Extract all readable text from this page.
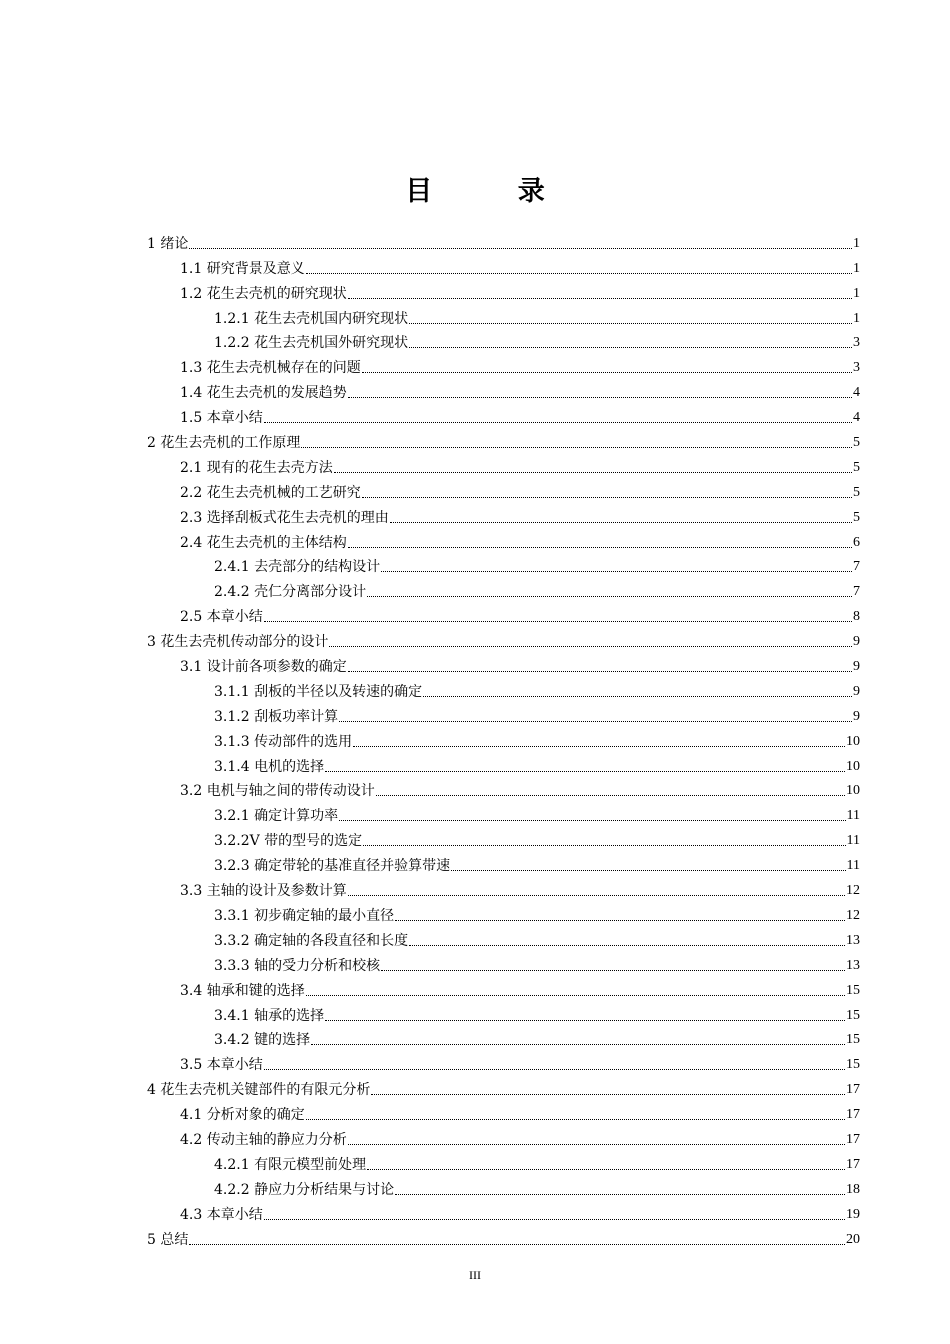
目 录
1 绪论	1
1.1 研究背景及意义	1
1.2 花生去壳机的研究现状	1
1.2.1 花生去壳机国内研究现状	1
1.2.2 花生去壳机国外研究现状	3
1.3 花生去壳机械存在的问题	3
1.4 花生去壳机的发展趋势	4
1.5 本章小结	4
2 花生去壳机的工作原理	5
2.1 现有的花生去壳方法	5
2.2 花生去壳机械的工艺研究	5
2.3 选择刮板式花生去壳机的理由	5
2.4 花生去壳机的主体结构	6
2.4.1 去壳部分的结构设计	7
2.4.2 壳仁分离部分设计	7
2.5 本章小结	8
3 花生去壳机传动部分的设计	9
3.1 设计前各项参数的确定	9
3.1.1 刮板的半径以及转速的确定	9
3.1.2 刮板功率计算	9
3.1.3 传动部件的选用	10
3.1.4 电机的选择	10
3.2 电机与轴之间的带传动设计	10
3.2.1 确定计算功率	11
3.2.2V 带的型号的选定	11
3.2.3 确定带轮的基准直径并验算带速	11
3.3 主轴的设计及参数计算	12
3.3.1 初步确定轴的最小直径	12
3.3.2 确定轴的各段直径和长度	13
3.3.3 轴的受力分析和校核	13
3.4 轴承和键的选择	15
3.4.1 轴承的选择	15
3.4.2 键的选择	15
3.5 本章小结	15
4 花生去壳机关键部件的有限元分析	17
4.1 分析对象的确定	17
4.2 传动主轴的静应力分析	17
4.2.1 有限元模型前处理	17
4.2.2 静应力分析结果与讨论	18
4.3 本章小结	19
5 总结	20
III
